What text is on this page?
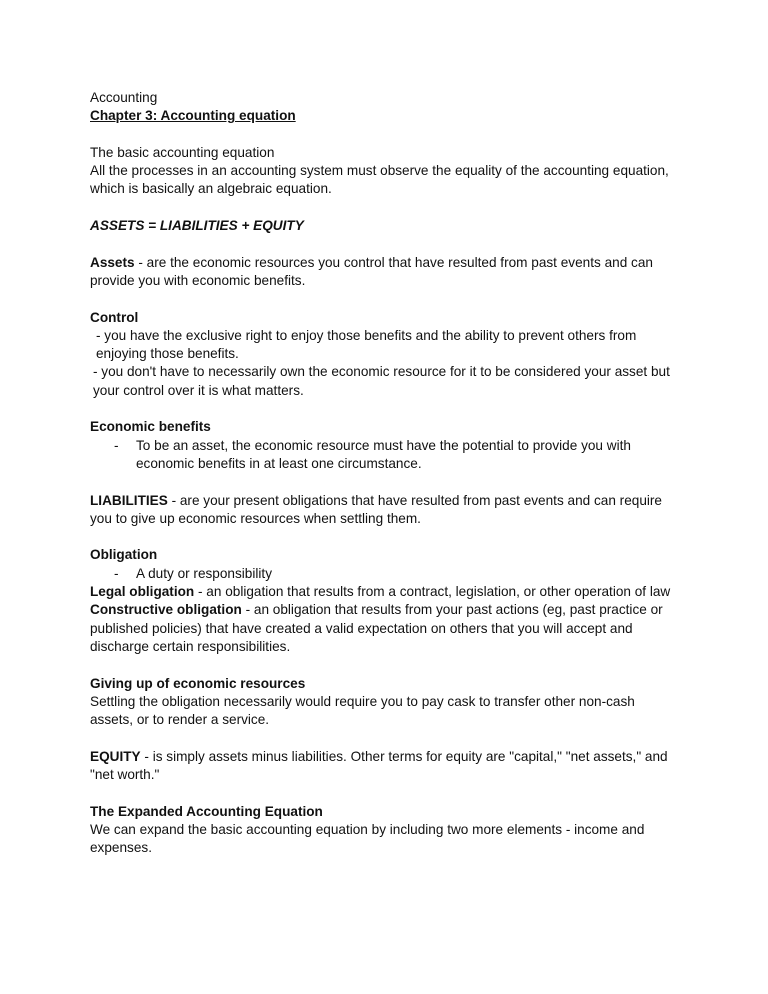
Accounting
Chapter 3: Accounting equation
The basic accounting equation
All the processes in an accounting system must observe the equality of the accounting equation, which is basically an algebraic equation.
ASSETS = LIABILITIES + EQUITY
Assets - are the economic resources you control that have resulted from past events and can provide you with economic benefits.
Control
- you have the exclusive right to enjoy those benefits and the ability to prevent others from enjoying those benefits.
- you don't have to necessarily own the economic resource for it to be considered your asset but your control over it is what matters.
Economic benefits
-	To be an asset, the economic resource must have the potential to provide you with economic benefits in at least one circumstance.
LIABILITIES - are your present obligations that have resulted from past events and can require you to give up economic resources when settling them.
Obligation
-	A duty or responsibility
Legal obligation - an obligation that results from a contract, legislation, or other operation of law
Constructive obligation - an obligation that results from your past actions (eg, past practice or published policies) that have created a valid expectation on others that you will accept and discharge certain responsibilities.
Giving up of economic resources
Settling the obligation necessarily would require you to pay cask to transfer other non-cash assets, or to render a service.
EQUITY - is simply assets minus liabilities. Other terms for equity are "capital," "net assets," and "net worth."
The Expanded Accounting Equation
We can expand the basic accounting equation by including two more elements - income and expenses.
